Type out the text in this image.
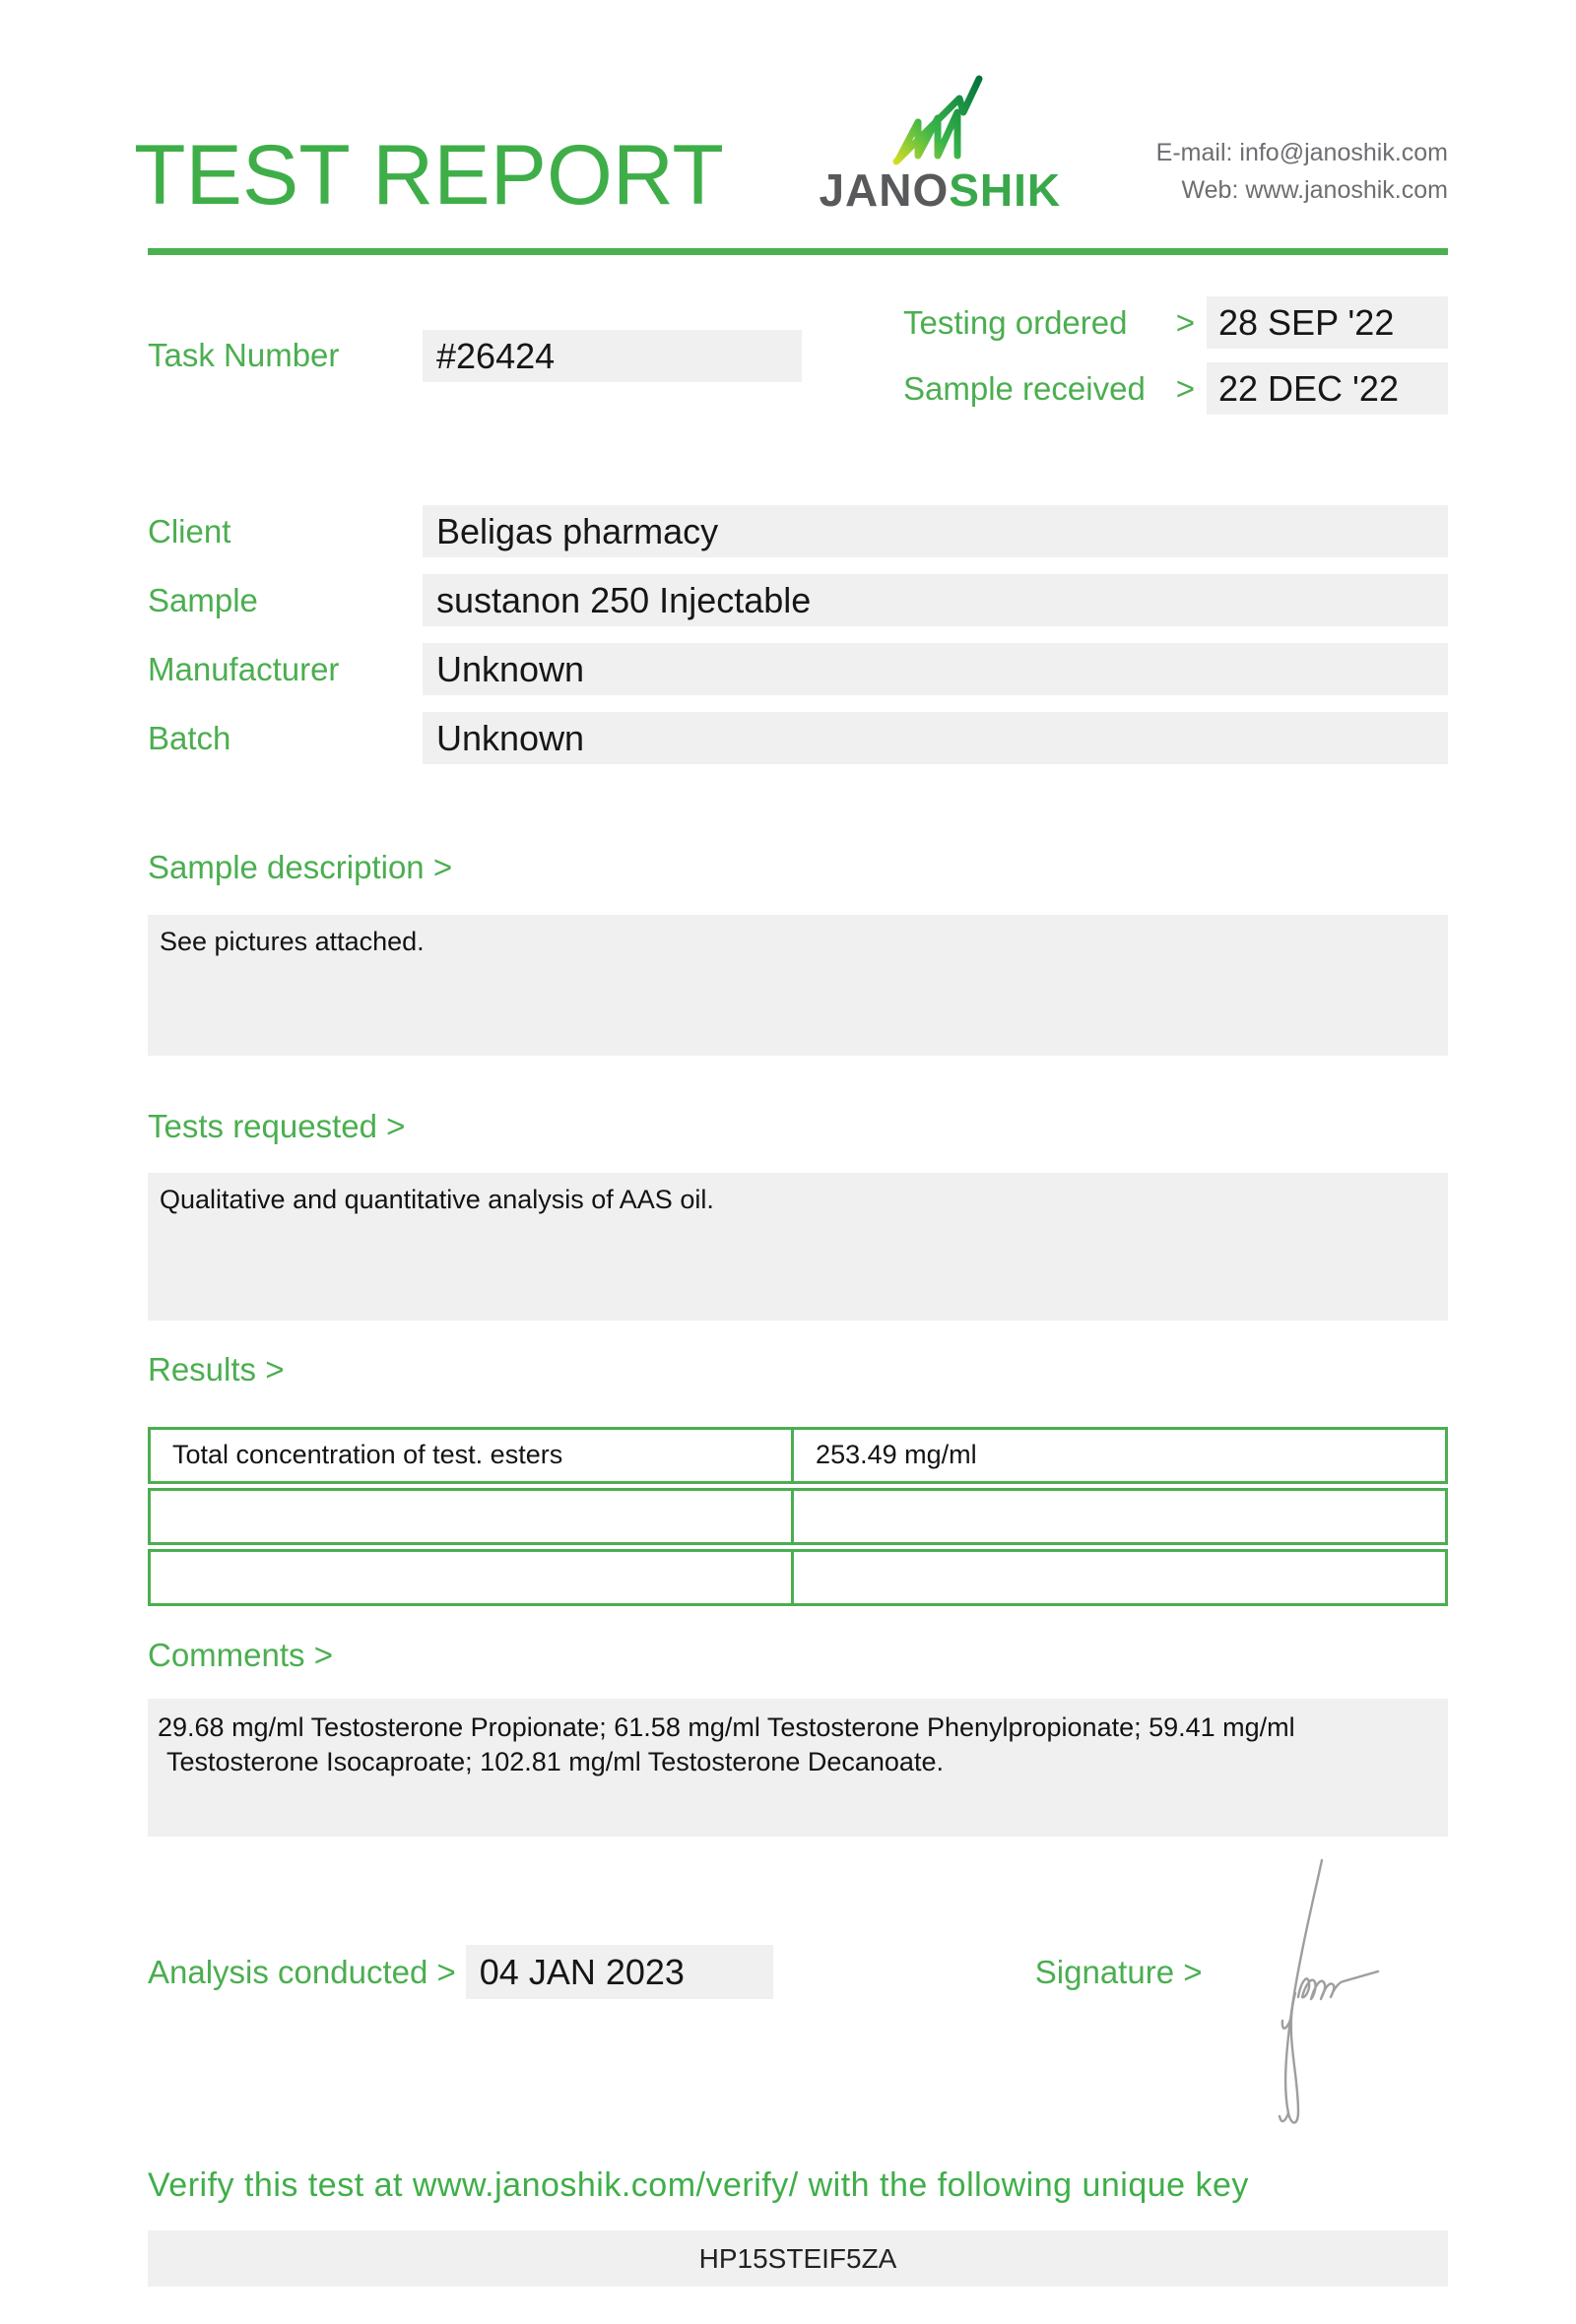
TEST REPORT JANOSHIK
E-mail: info@janoshik.com
Web: www.janoshik.com
Task Number	#26424
Testing ordered > 28 SEP '22
Sample received > 22 DEC '22
Client	Beligas pharmacy
Sample	sustanon 250 Injectable
Manufacturer	Unknown
Batch	Unknown
Sample description >
See pictures attached.
Tests requested >
Qualitative and quantitative analysis of AAS oil.
Results >
Total concentration of test. esters	253.49 mg/ml
Comments >
29.68 mg/ml Testosterone Propionate; 61.58 mg/ml Testosterone Phenylpropionate; 59.41 mg/ml
Testosterone Isocaproate; 102.81 mg/ml Testosterone Decanoate.
Analysis conducted > 04 JAN 2023	Signature >
Verify this test at www.janoshik.com/verify/ with the following unique key
HP15STEIF5ZA
